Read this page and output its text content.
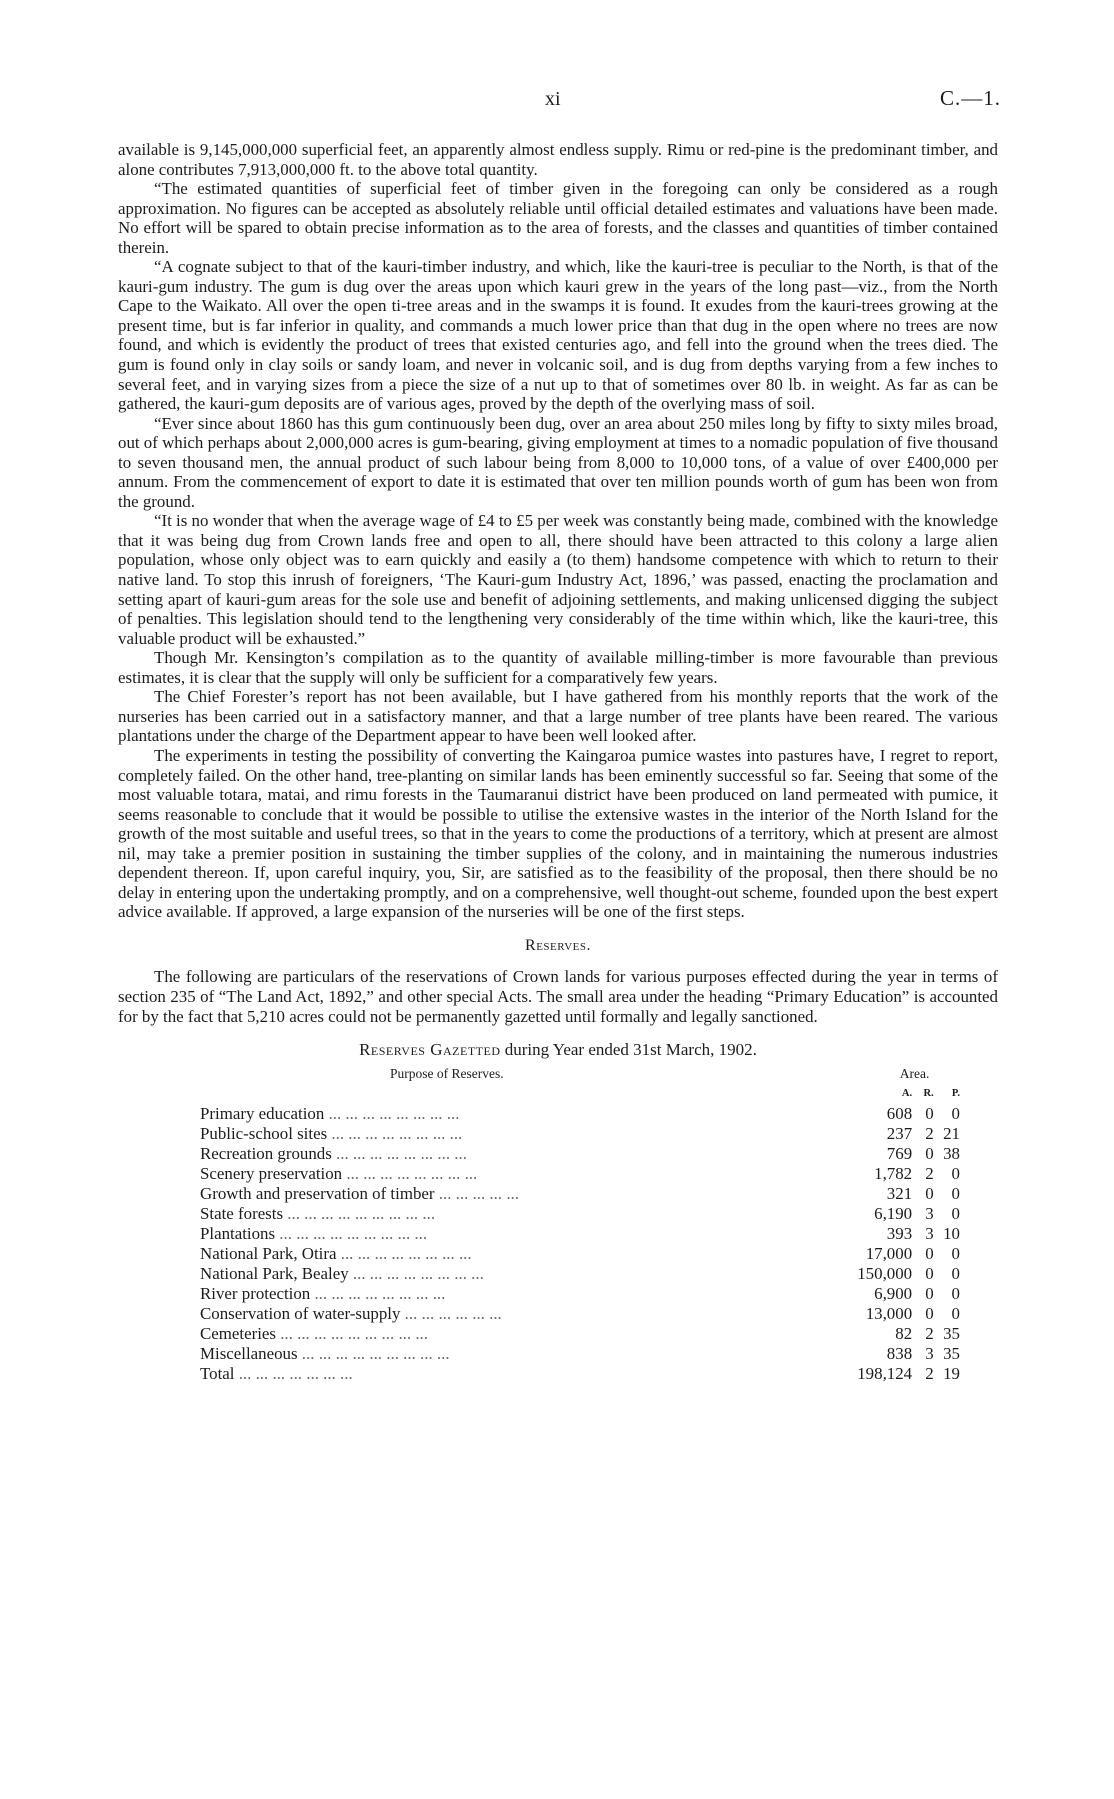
xi	C.—1.

available is 9,145,000,000 superficial feet, an apparently almost endless supply. Rimu or red-pine is the predominant timber, and alone contributes 7,913,000,000 ft. to the above total quantity.

“The estimated quantities of superficial feet of timber given in the foregoing can only be considered as a rough approximation. No figures can be accepted as absolutely reliable until official detailed estimates and valuations have been made. No effort will be spared to obtain precise information as to the area of forests, and the classes and quantities of timber contained therein.

“A cognate subject to that of the kauri-timber industry, and which, like the kauri-tree is peculiar to the North, is that of the kauri-gum industry. The gum is dug over the areas upon which kauri grew in the years of the long past—viz., from the North Cape to the Waikato. All over the open ti-tree areas and in the swamps it is found. It exudes from the kauri-trees growing at the present time, but is far inferior in quality, and commands a much lower price than that dug in the open where no trees are now found, and which is evidently the product of trees that existed centuries ago, and fell into the ground when the trees died. The gum is found only in clay soils or sandy loam, and never in volcanic soil, and is dug from depths varying from a few inches to several feet, and in varying sizes from a piece the size of a nut up to that of sometimes over 80 lb. in weight. As far as can be gathered, the kauri-gum deposits are of various ages, proved by the depth of the overlying mass of soil.

“Ever since about 1860 has this gum continuously been dug, over an area about 250 miles long by fifty to sixty miles broad, out of which perhaps about 2,000,000 acres is gum-bearing, giving employment at times to a nomadic population of five thousand to seven thousand men, the annual product of such labour being from 8,000 to 10,000 tons, of a value of over £400,000 per annum. From the commencement of export to date it is estimated that over ten million pounds worth of gum has been won from the ground.

“It is no wonder that when the average wage of £4 to £5 per week was constantly being made, combined with the knowledge that it was being dug from Crown lands free and open to all, there should have been attracted to this colony a large alien population, whose only object was to earn quickly and easily a (to them) handsome competence with which to return to their native land. To stop this inrush of foreigners, ‘The Kauri-gum Industry Act, 1896,’ was passed, enacting the proclamation and setting apart of kauri-gum areas for the sole use and benefit of adjoining settlements, and making unlicensed digging the subject of penalties. This legislation should tend to the lengthening very considerably of the time within which, like the kauri-tree, this valuable product will be exhausted.”

Though Mr. Kensington’s compilation as to the quantity of available milling-timber is more favourable than previous estimates, it is clear that the supply will only be sufficient for a comparatively few years.

The Chief Forester’s report has not been available, but I have gathered from his monthly reports that the work of the nurseries has been carried out in a satisfactory manner, and that a large number of tree plants have been reared. The various plantations under the charge of the Department appear to have been well looked after.

The experiments in testing the possibility of converting the Kaingaroa pumice wastes into pastures have, I regret to report, completely failed. On the other hand, tree-planting on similar lands has been eminently successful so far. Seeing that some of the most valuable totara, matai, and rimu forests in the Taumaranui district have been produced on land permeated with pumice, it seems reasonable to conclude that it would be possible to utilise the extensive wastes in the interior of the North Island for the growth of the most suitable and useful trees, so that in the years to come the productions of a territory, which at present are almost nil, may take a premier position in sustaining the timber supplies of the colony, and in maintaining the numerous industries dependent thereon. If, upon careful inquiry, you, Sir, are satisfied as to the feasibility of the proposal, then there should be no delay in entering upon the undertaking promptly, and on a comprehensive, well thought-out scheme, founded upon the best expert advice available. If approved, a large expansion of the nurseries will be one of the first steps.

Reserves.

The following are particulars of the reservations of Crown lands for various purposes effected during the year in terms of section 235 of “The Land Act, 1892,” and other special Acts. The small area under the heading “Primary Education” is accounted for by the fact that 5,210 acres could not be permanently gazetted until formally and legally sanctioned.

Reserves Gazetted during Year ended 31st March, 1902.
Purpose of Reserves.	Area.		
	A.	R.	P.
Primary education ... ... ... ... ... ... ... ...	608	0	0
Public-school sites ... ... ... ... ... ... ... ...	237	2	21
Recreation grounds ... ... ... ... ... ... ... ...	769	0	38
Scenery preservation ... ... ... ... ... ... ... ...	1,782	2	0
Growth and preservation of timber ... ... ... ... ...	321	0	0
State forests ... ... ... ... ... ... ... ... ...	6,190	3	0
Plantations ... ... ... ... ... ... ... ... ...	393	3	10
National Park, Otira ... ... ... ... ... ... ... ...	17,000	0	0
National Park, Bealey ... ... ... ... ... ... ... ...	150,000	0	0
River protection ... ... ... ... ... ... ... ...	6,900	0	0
Conservation of water-supply ... ... ... ... ... ...	13,000	0	0
Cemeteries ... ... ... ... ... ... ... ... ...	82	2	35
Miscellaneous ... ... ... ... ... ... ... ... ...	838	3	35
Total ... ... ... ... ... ... ...	198,124	2	19
